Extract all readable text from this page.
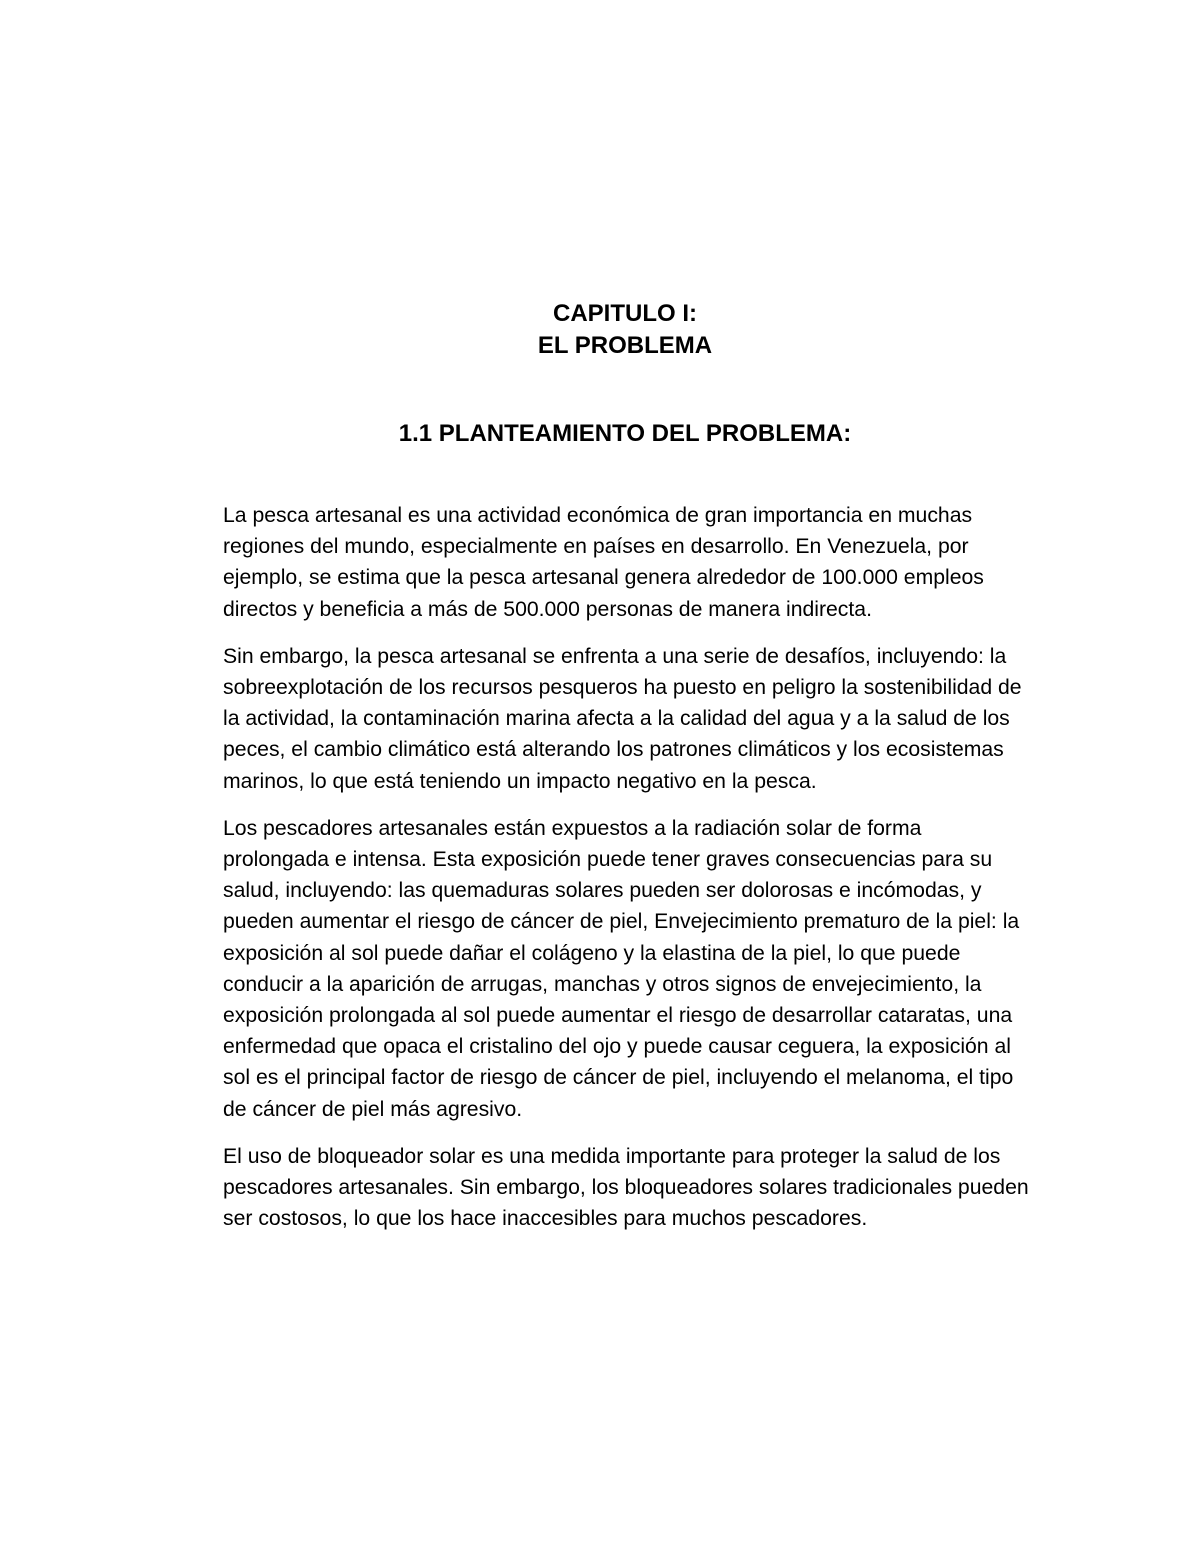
CAPITULO I:
EL PROBLEMA
1.1 PLANTEAMIENTO DEL PROBLEMA:

La pesca artesanal es una actividad económica de gran importancia en muchas regiones del mundo, especialmente en países en desarrollo. En Venezuela, por ejemplo, se estima que la pesca artesanal genera alrededor de 100.000 empleos directos y beneficia a más de 500.000 personas de manera indirecta.

Sin embargo, la pesca artesanal se enfrenta a una serie de desafíos, incluyendo: la sobreexplotación de los recursos pesqueros ha puesto en peligro la sostenibilidad de la actividad, la contaminación marina afecta a la calidad del agua y a la salud de los peces, el cambio climático está alterando los patrones climáticos y los ecosistemas marinos, lo que está teniendo un impacto negativo en la pesca.

Los pescadores artesanales están expuestos a la radiación solar de forma prolongada e intensa. Esta exposición puede tener graves consecuencias para su salud, incluyendo: las quemaduras solares pueden ser dolorosas e incómodas, y pueden aumentar el riesgo de cáncer de piel, Envejecimiento prematuro de la piel: la exposición al sol puede dañar el colágeno y la elastina de la piel, lo que puede conducir a la aparición de arrugas, manchas y otros signos de envejecimiento, la exposición prolongada al sol puede aumentar el riesgo de desarrollar cataratas, una enfermedad que opaca el cristalino del ojo y puede causar ceguera, la exposición al sol es el principal factor de riesgo de cáncer de piel, incluyendo el melanoma, el tipo de cáncer de piel más agresivo.

El uso de bloqueador solar es una medida importante para proteger la salud de los pescadores artesanales. Sin embargo, los bloqueadores solares tradicionales pueden ser costosos, lo que los hace inaccesibles para muchos pescadores.
